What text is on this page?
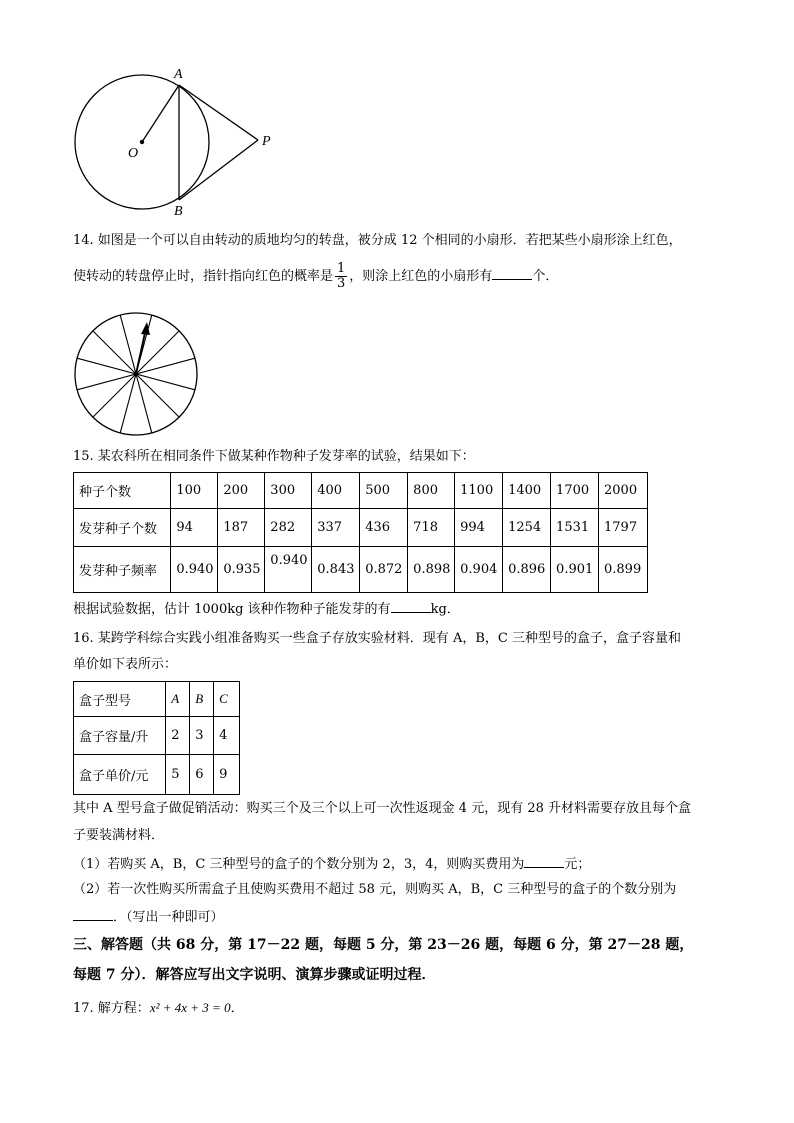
A
B
O
P
14. 如图是一个可以自由转动的质地均匀的转盘，被分成 12 个相同的小扇形．若把某些小扇形涂上红色，
使转动的转盘停止时，指针指向红色的概率是 $\frac{1}{3}$ ，则涂上红色的小扇形有	个．
15. 某农科所在相同条件下做某种作物种子发芽率的试验，结果如下：
种子个数	100	200	300	400	500	800	1100	1400	1700	2000
发芽种子个数	94	187	282	337	436	718	994	1254	1531	1797
发芽种子频率	0.940	0.935	0.940	0.843	0.872	0.898	0.904	0.896	0.901	0.899
根据试验数据，估计 1000kg 该种作物种子能发芽的有	kg．
16. 某跨学科综合实践小组准备购买一些盒子存放实验材料．现有 A，B，C 三种型号的盒子，盒子容量和
单价如下表所示：
盒子型号	A	B	C
盒子容量/升	2	3	4
盒子单价/元	5	6	9
其中 A 型号盒子做促销活动：购买三个及三个以上可一次性返现金 4 元，现有 28 升材料需要存放且每个盒
子要装满材料．
（1）若购买 A，B，C 三种型号的盒子的个数分别为 2，3，4，则购买费用为	元；
（2）若一次性购买所需盒子且使购买费用不超过 58 元，则购买 A，B，C 三种型号的盒子的个数分别为
．（写出一种即可）
三、解答题（共 68 分，第 17－22 题，每题 5 分，第 23－26 题，每题 6 分，第 27－28 题，
每题 7 分）．解答应写出文字说明、演算步骤或证明过程．
17. 解方程：x² + 4x + 3 = 0．
